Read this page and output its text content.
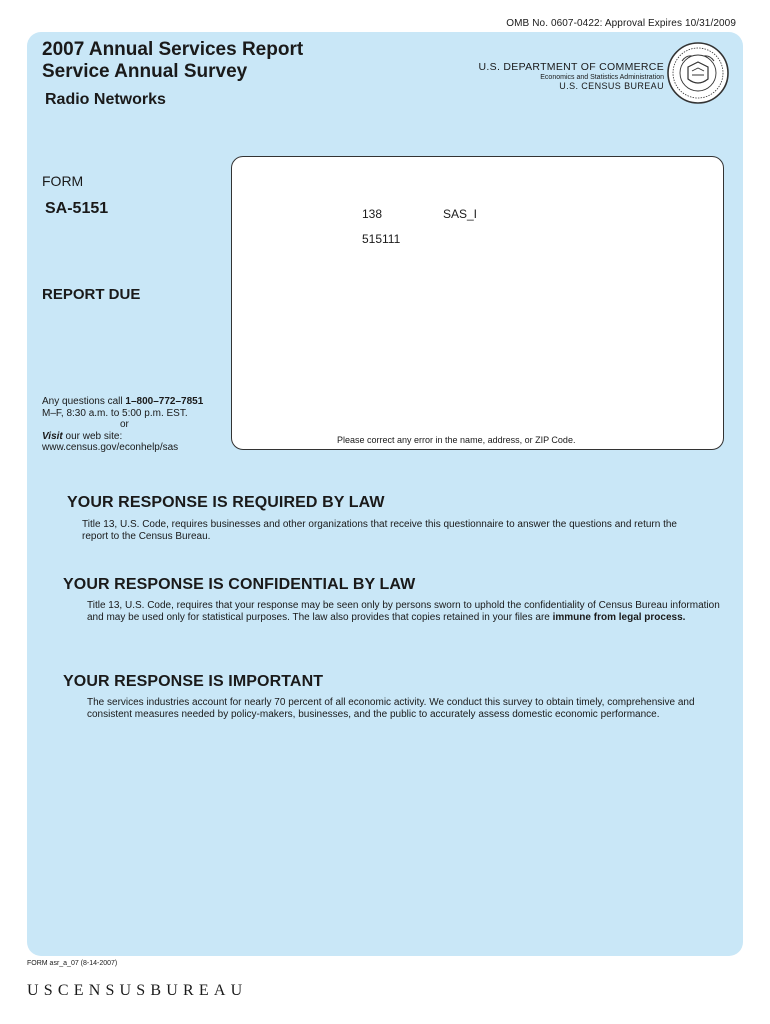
OMB No. 0607-0422: Approval Expires 10/31/2009
2007 Annual Services Report
Service Annual Survey
Radio Networks
U.S. DEPARTMENT OF COMMERCE
Economics and Statistics Administration
U.S. CENSUS BUREAU
FORM
SA-5151
REPORT DUE
Any questions call 1–800–772–7851
M–F, 8:30 a.m. to 5:00 p.m. EST.
or
Visit our web site:
www.census.gov/econhelp/sas
138	SAS_I
515111
Please correct any error in the name, address, or ZIP Code.
YOUR RESPONSE IS REQUIRED BY LAW
Title 13, U.S. Code, requires businesses and other organizations that receive this questionnaire to answer the questions and return the report to the Census Bureau.
YOUR RESPONSE IS CONFIDENTIAL BY LAW
Title 13, U.S. Code, requires that your response may be seen only by persons sworn to uphold the confidentiality of Census Bureau information and may be used only for statistical purposes. The law also provides that copies retained in your files are immune from legal process.
YOUR RESPONSE IS IMPORTANT
The services industries account for nearly 70 percent of all economic activity. We conduct this survey to obtain timely, comprehensive and consistent measures needed by policy-makers, businesses, and the public to accurately assess domestic economic performance.
FORM asr_a_07 (8-14-2007)
USCENSUSBUREAU
